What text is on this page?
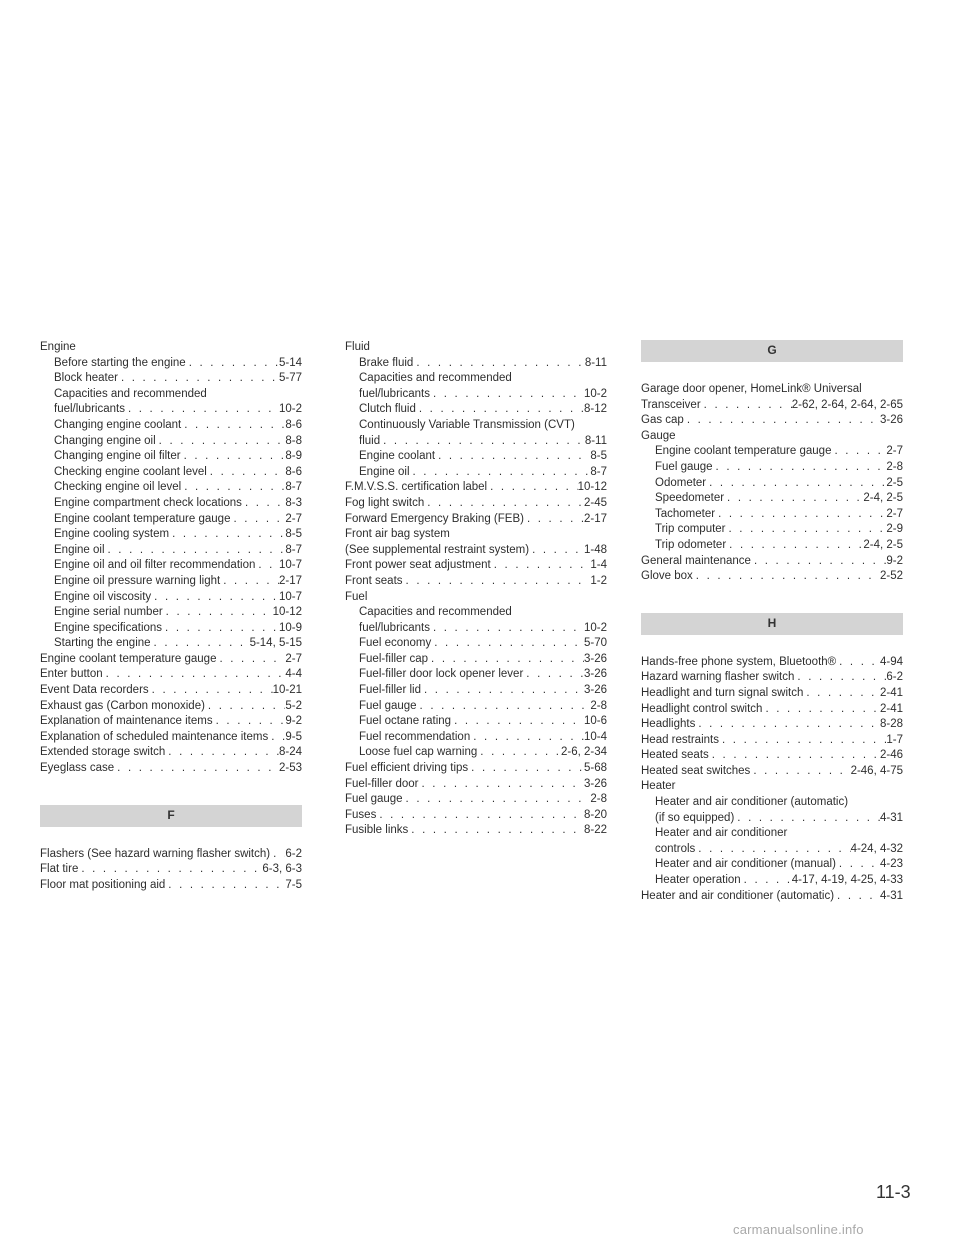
Engine
Before starting the engine . . .	5-14
Block heater . . .	5-77
Capacities and recommended
fuel/lubricants . . .	10-2
Changing engine coolant . . .	8-6
Changing engine oil . . .	8-8
Changing engine oil filter . . .	8-9
Checking engine coolant level . . .	8-6
Checking engine oil level . . .	8-7
Engine compartment check locations . . .	8-3
Engine coolant temperature gauge . . .	2-7
Engine cooling system . . .	8-5
Engine oil . . .	8-7
Engine oil and oil filter recommendation . . . 10-7
Engine oil pressure warning light . . .	2-17
Engine oil viscosity . . .	10-7
Engine serial number . . .	10-12
Engine specifications . . .	10-9
Starting the engine . . .	5-14, 5-15
Engine coolant temperature gauge . . .	2-7
Enter button . . .	4-4
Event Data recorders . . .	10-21
Exhaust gas (Carbon monoxide) . . .	5-2
Explanation of maintenance items . . .	9-2
Explanation of scheduled maintenance items . . . 9-5
Extended storage switch . . .	8-24
Eyeglass case . . .	2-53
F
Flashers (See hazard warning flasher switch) . . . 6-2
Flat tire . . .	6-3, 6-3
Floor mat positioning aid . . .	7-5
Fluid
Brake fluid . . .	8-11
Capacities and recommended
fuel/lubricants . . .	10-2
Clutch fluid . . .	8-12
Continuously Variable Transmission (CVT)
fluid . . .	8-11
Engine coolant . . .	8-5
Engine oil . . .	8-7
F.M.V.S.S. certification label . . .	10-12
Fog light switch . . .	2-45
Forward Emergency Braking (FEB) . . .	2-17
Front air bag system
(See supplemental restraint system) . . .	1-48
Front power seat adjustment . . .	1-4
Front seats . . .	1-2
Fuel
Capacities and recommended
fuel/lubricants . . .	10-2
Fuel economy . . .	5-70
Fuel-filler cap . . .	3-26
Fuel-filler door lock opener lever . . .	3-26
Fuel-filler lid . . .	3-26
Fuel gauge . . .	2-8
Fuel octane rating . . .	10-6
Fuel recommendation . . .	10-4
Loose fuel cap warning . . .	2-6, 2-34
Fuel efficient driving tips . . .	5-68
Fuel-filler door . . .	3-26
Fuel gauge . . .	2-8
Fuses . . .	8-20
Fusible links . . .	8-22
G
Garage door opener, HomeLink® Universal
Transceiver . . .	2-62, 2-64, 2-64, 2-65
Gas cap . . .	3-26
Gauge
Engine coolant temperature gauge . . .	2-7
Fuel gauge . . .	2-8
Odometer . . .	2-5
Speedometer . . .	2-4, 2-5
Tachometer . . .	2-7
Trip computer . . .	2-9
Trip odometer . . .	2-4, 2-5
General maintenance . . .	9-2
Glove box . . .	2-52
H
Hands-free phone system, Bluetooth® . . .	4-94
Hazard warning flasher switch . . .	6-2
Headlight and turn signal switch . . .	2-41
Headlight control switch . . .	2-41
Headlights . . .	8-28
Head restraints . . .	1-7
Heated seats . . .	2-46
Heated seat switches . . .	2-46, 4-75
Heater
Heater and air conditioner (automatic)
(if so equipped) . . .	4-31
Heater and air conditioner
controls . . .	4-24, 4-32
Heater and air conditioner (manual) . . .	4-23
Heater operation . . .	4-17, 4-19, 4-25, 4-33
Heater and air conditioner (automatic) . . .	4-31
11-3
carmanualsonline.info
